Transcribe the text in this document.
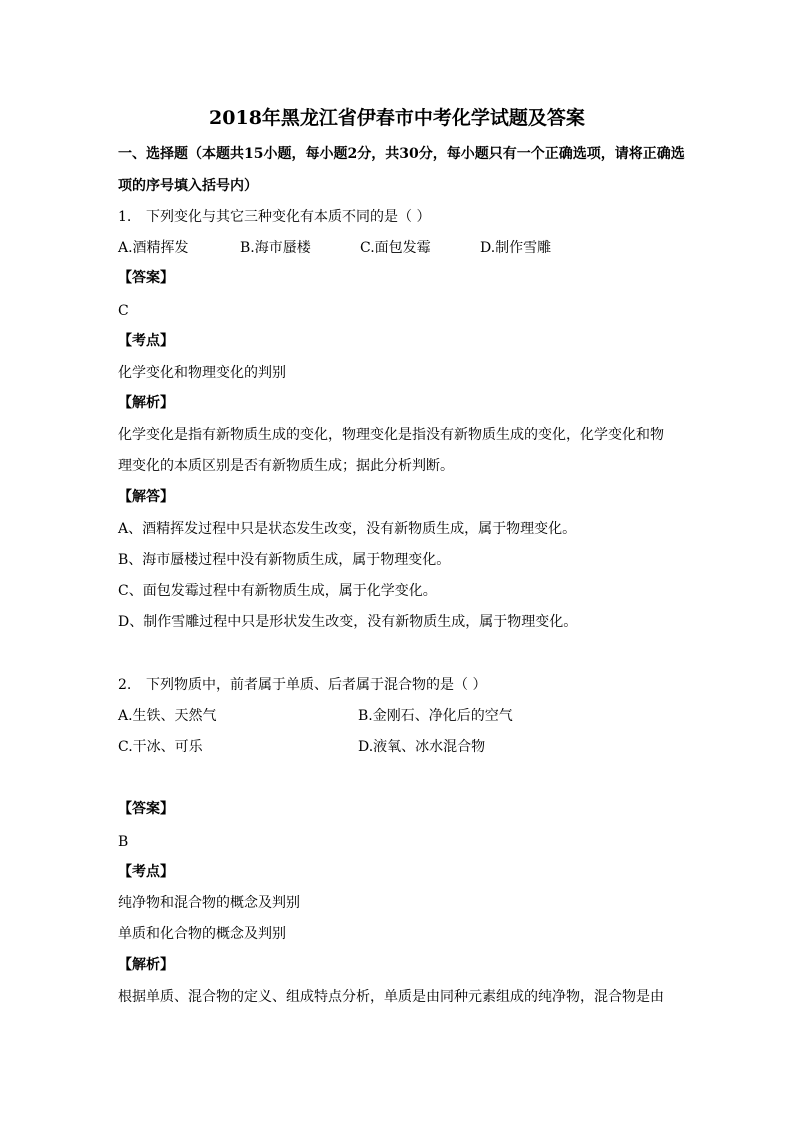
2018年黑龙江省伊春市中考化学试题及答案
一、选择题（本题共15小题，每小题2分，共30分，每小题只有一个正确选项，请将正确选
项的序号填入括号内）
1. 下列变化与其它三种变化有本质不同的是（ ）
A.酒精挥发	B.海市蜃楼	C.面包发霉	D.制作雪雕
【答案】
C
【考点】
化学变化和物理变化的判别
【解析】
化学变化是指有新物质生成的变化，物理变化是指没有新物质生成的变化，化学变化和物
理变化的本质区别是否有新物质生成；据此分析判断。
【解答】
A、酒精挥发过程中只是状态发生改变，没有新物质生成，属于物理变化。
B、海市蜃楼过程中没有新物质生成，属于物理变化。
C、面包发霉过程中有新物质生成，属于化学变化。
D、制作雪雕过程中只是形状发生改变，没有新物质生成，属于物理变化。
2. 下列物质中，前者属于单质、后者属于混合物的是（ ）
A.生铁、天然气	B.金刚石、净化后的空气
C.干冰、可乐	D.液氧、冰水混合物
【答案】
B
【考点】
纯净物和混合物的概念及判别
单质和化合物的概念及判别
【解析】
根据单质、混合物的定义、组成特点分析，单质是由同种元素组成的纯净物，混合物是由
